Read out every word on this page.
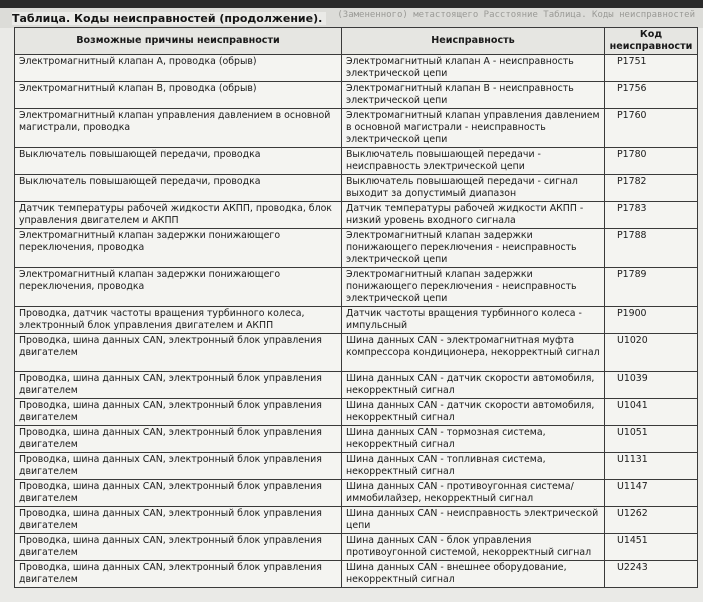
(Замененного) метастоящего Расстояние Таблица. Коды неисправностей
Таблица. Коды неисправностей (продолжение).
Возможные причины неисправности	Неисправность	Код неисправности

Электромагнитный клапан A, проводка (обрыв)	Электромагнитный клапан A - неисправность электрической цепи	P1751

Электромагнитный клапан B, проводка (обрыв)	Электромагнитный клапан B - неисправность электрической цепи	P1756

Электромагнитный клапан управления давлением в основной магистрали, проводка	Электромагнитный клапан управления давлением в основной магистрали - неисправность электрической цепи	P1760

Выключатель повышающей передачи, проводка	Выключатель повышающей передачи - неисправность электрической цепи	P1780

Выключатель повышающей передачи, проводка	Выключатель повышающей передачи - сигнал выходит за допустимый диапазон	P1782

Датчик температуры рабочей жидкости АКПП, проводка, блок управления двигателем и АКПП	Датчик температуры рабочей жидкости АКПП - низкий уровень входного сигнала	P1783

Электромагнитный клапан задержки понижающего переключения, проводка	Электромагнитный клапан задержки понижающего переключения - неисправность электрической цепи	P1788

Электромагнитный клапан задержки понижающего переключения, проводка	Электромагнитный клапан задержки понижающего переключения - неисправность электрической цепи	P1789

Проводка, датчик частоты вращения турбинного колеса, электронный блок управления двигателем и АКПП	Датчик частоты вращения турбинного колеса - импульсный	P1900

Проводка, шина данных CAN, электронный блок управления двигателем	Шина данных CAN - электромагнитная муфта компрессора кондиционера, некорректный сигнал	U1020

Проводка, шина данных CAN, электронный блок управления двигателем	Шина данных CAN - датчик скорости автомобиля, некорректный сигнал	U1039

Проводка, шина данных CAN, электронный блок управления двигателем	Шина данных CAN - датчик скорости автомобиля, некорректный сигнал	U1041

Проводка, шина данных CAN, электронный блок управления двигателем	Шина данных CAN - тормозная система, некорректный сигнал	U1051

Проводка, шина данных CAN, электронный блок управления двигателем	Шина данных CAN - топливная система, некорректный сигнал	U1131

Проводка, шина данных CAN, электронный блок управления двигателем	Шина данных CAN - противоугонная система/иммобилайзер, некорректный сигнал	U1147

Проводка, шина данных CAN, электронный блок управления двигателем	Шина данных CAN - неисправность электрической цепи	U1262

Проводка, шина данных CAN, электронный блок управления двигателем	Шина данных CAN - блок управления противоугонной системой, некорректный сигнал	U1451

Проводка, шина данных CAN, электронный блок управления двигателем	Шина данных CAN - внешнее оборудование, некорректный сигнал	U2243
